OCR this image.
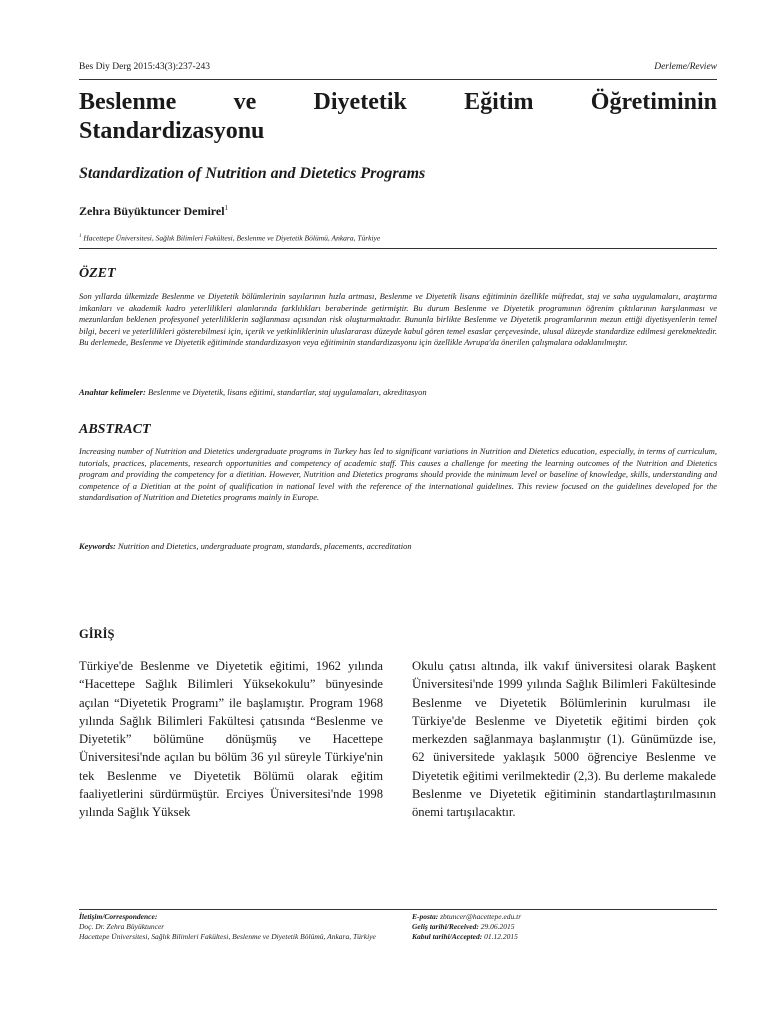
Bes Diy Derg 2015:43(3):237-243	Derleme/Review
Beslenme ve Diyetetik Eğitim Öğretiminin
Standardizasyonu
Standardization of Nutrition and Dietetics Programs
Zehra Büyüktuncer Demirel$^1$
$^1$ Hacettepe Üniversitesi, Sağlık Bilimleri Fakültesi, Beslenme ve Diyetetik Bölümü, Ankara, Türkiye
ÖZET

Son yıllarda ülkemizde Beslenme ve Diyetetik bölümlerinin sayılarının hızla artması, Beslenme ve Diyetetik lisans eğitiminin özellikle müfredat, staj ve saha uygulamaları, araştırma imkanları ve akademik kadro yeterlilikleri alanlarında farklılıkları beraberinde getirmiştir. Bu durum Beslenme ve Diyetetik programının öğrenim çıktılarının karşılanması ve mezunlardan beklenen profesyonel yeterliliklerin sağlanması açısından risk oluşturmaktadır. Bununla birlikte Beslenme ve Diyetetik programlarının mezun ettiği diyetisyenlerin temel bilgi, beceri ve yeterlilikleri gösterebilmesi için, içerik ve yetkinliklerinin uluslararası düzeyde kabul gören temel esaslar çerçevesinde, ulusal düzeyde standardize edilmesi gerekmektedir. Bu derlemede, Beslenme ve Diyetetik eğitiminde standardizasyon veya eğitiminin standardizasyonu için özellikle Avrupa'da önerilen çalışmalara odaklanılmıştır.

Anahtar kelimeler: Beslenme ve Diyetetik, lisans eğitimi, standartlar, staj uygulamaları, akreditasyon
ABSTRACT

Increasing number of Nutrition and Dietetics undergraduate programs in Turkey has led to significant variations in Nutrition and Dietetics education, especially, in terms of curriculum, tutorials, practices, placements, research opportunities and competency of academic staff. This causes a challenge for meeting the learning outcomes of the Nutrition and Dietetics program and providing the competency for a dietitian. However, Nutrition and Dietetics programs should provide the minimum level or baseline of knowledge, skills, understanding and competence of a Dietitian at the point of qualification in national level with the reference of the international guidelines. This review focused on the guidelines developed for the standardisation of Nutrition and Dietetics programs mainly in Europe.

Keywords: Nutrition and Dietetics, undergraduate program, standards, placements, accreditation
GİRİŞ

Türkiye'de Beslenme ve Diyetetik eğitimi, 1962 yılında “Hacettepe Sağlık Bilimleri Yüksekokulu” bünyesinde açılan “Diyetetik Programı” ile başlamıştır. Program 1968 yılında Sağlık Bilimleri Fakültesi çatısında “Beslenme ve Diyetetik” bölümüne dönüşmüş ve Hacettepe Üniversitesi'nde açılan bu bölüm 36 yıl süreyle Türkiye'nin tek Beslenme ve Diyetetik Bölümü olarak eğitim faaliyetlerini sürdürmüştür. Erciyes Üniversitesi'nde 1998 yılında Sağlık Yüksek

Okulu çatısı altında, ilk vakıf üniversitesi olarak Başkent Üniversitesi'nde 1999 yılında Sağlık Bilimleri Fakültesinde Beslenme ve Diyetetik Bölümlerinin kurulması ile Türkiye'de Beslenme ve Diyetetik eğitimi birden çok merkezden sağlanmaya başlanmıştır (1). Günümüzde ise, 62 üniversitede yaklaşık 5000 öğrenciye Beslenme ve Diyetetik eğitimi verilmektedir (2,3). Bu derleme makalede Beslenme ve Diyetetik eğitiminin standartlaştırılmasının önemi tartışılacaktır.

İletişim/Correspondence:
Doç. Dr. Zehra Büyüktuncer
Hacettepe Üniversitesi, Sağlık Bilimleri Fakültesi, Beslenme ve Diyetetik Bölümü, Ankara, Türkiye
E-posta: zbtuncer@hacettepe.edu.tr
Geliş tarihi/Received: 29.06.2015
Kabul tarihi/Accepted: 01.12.2015
